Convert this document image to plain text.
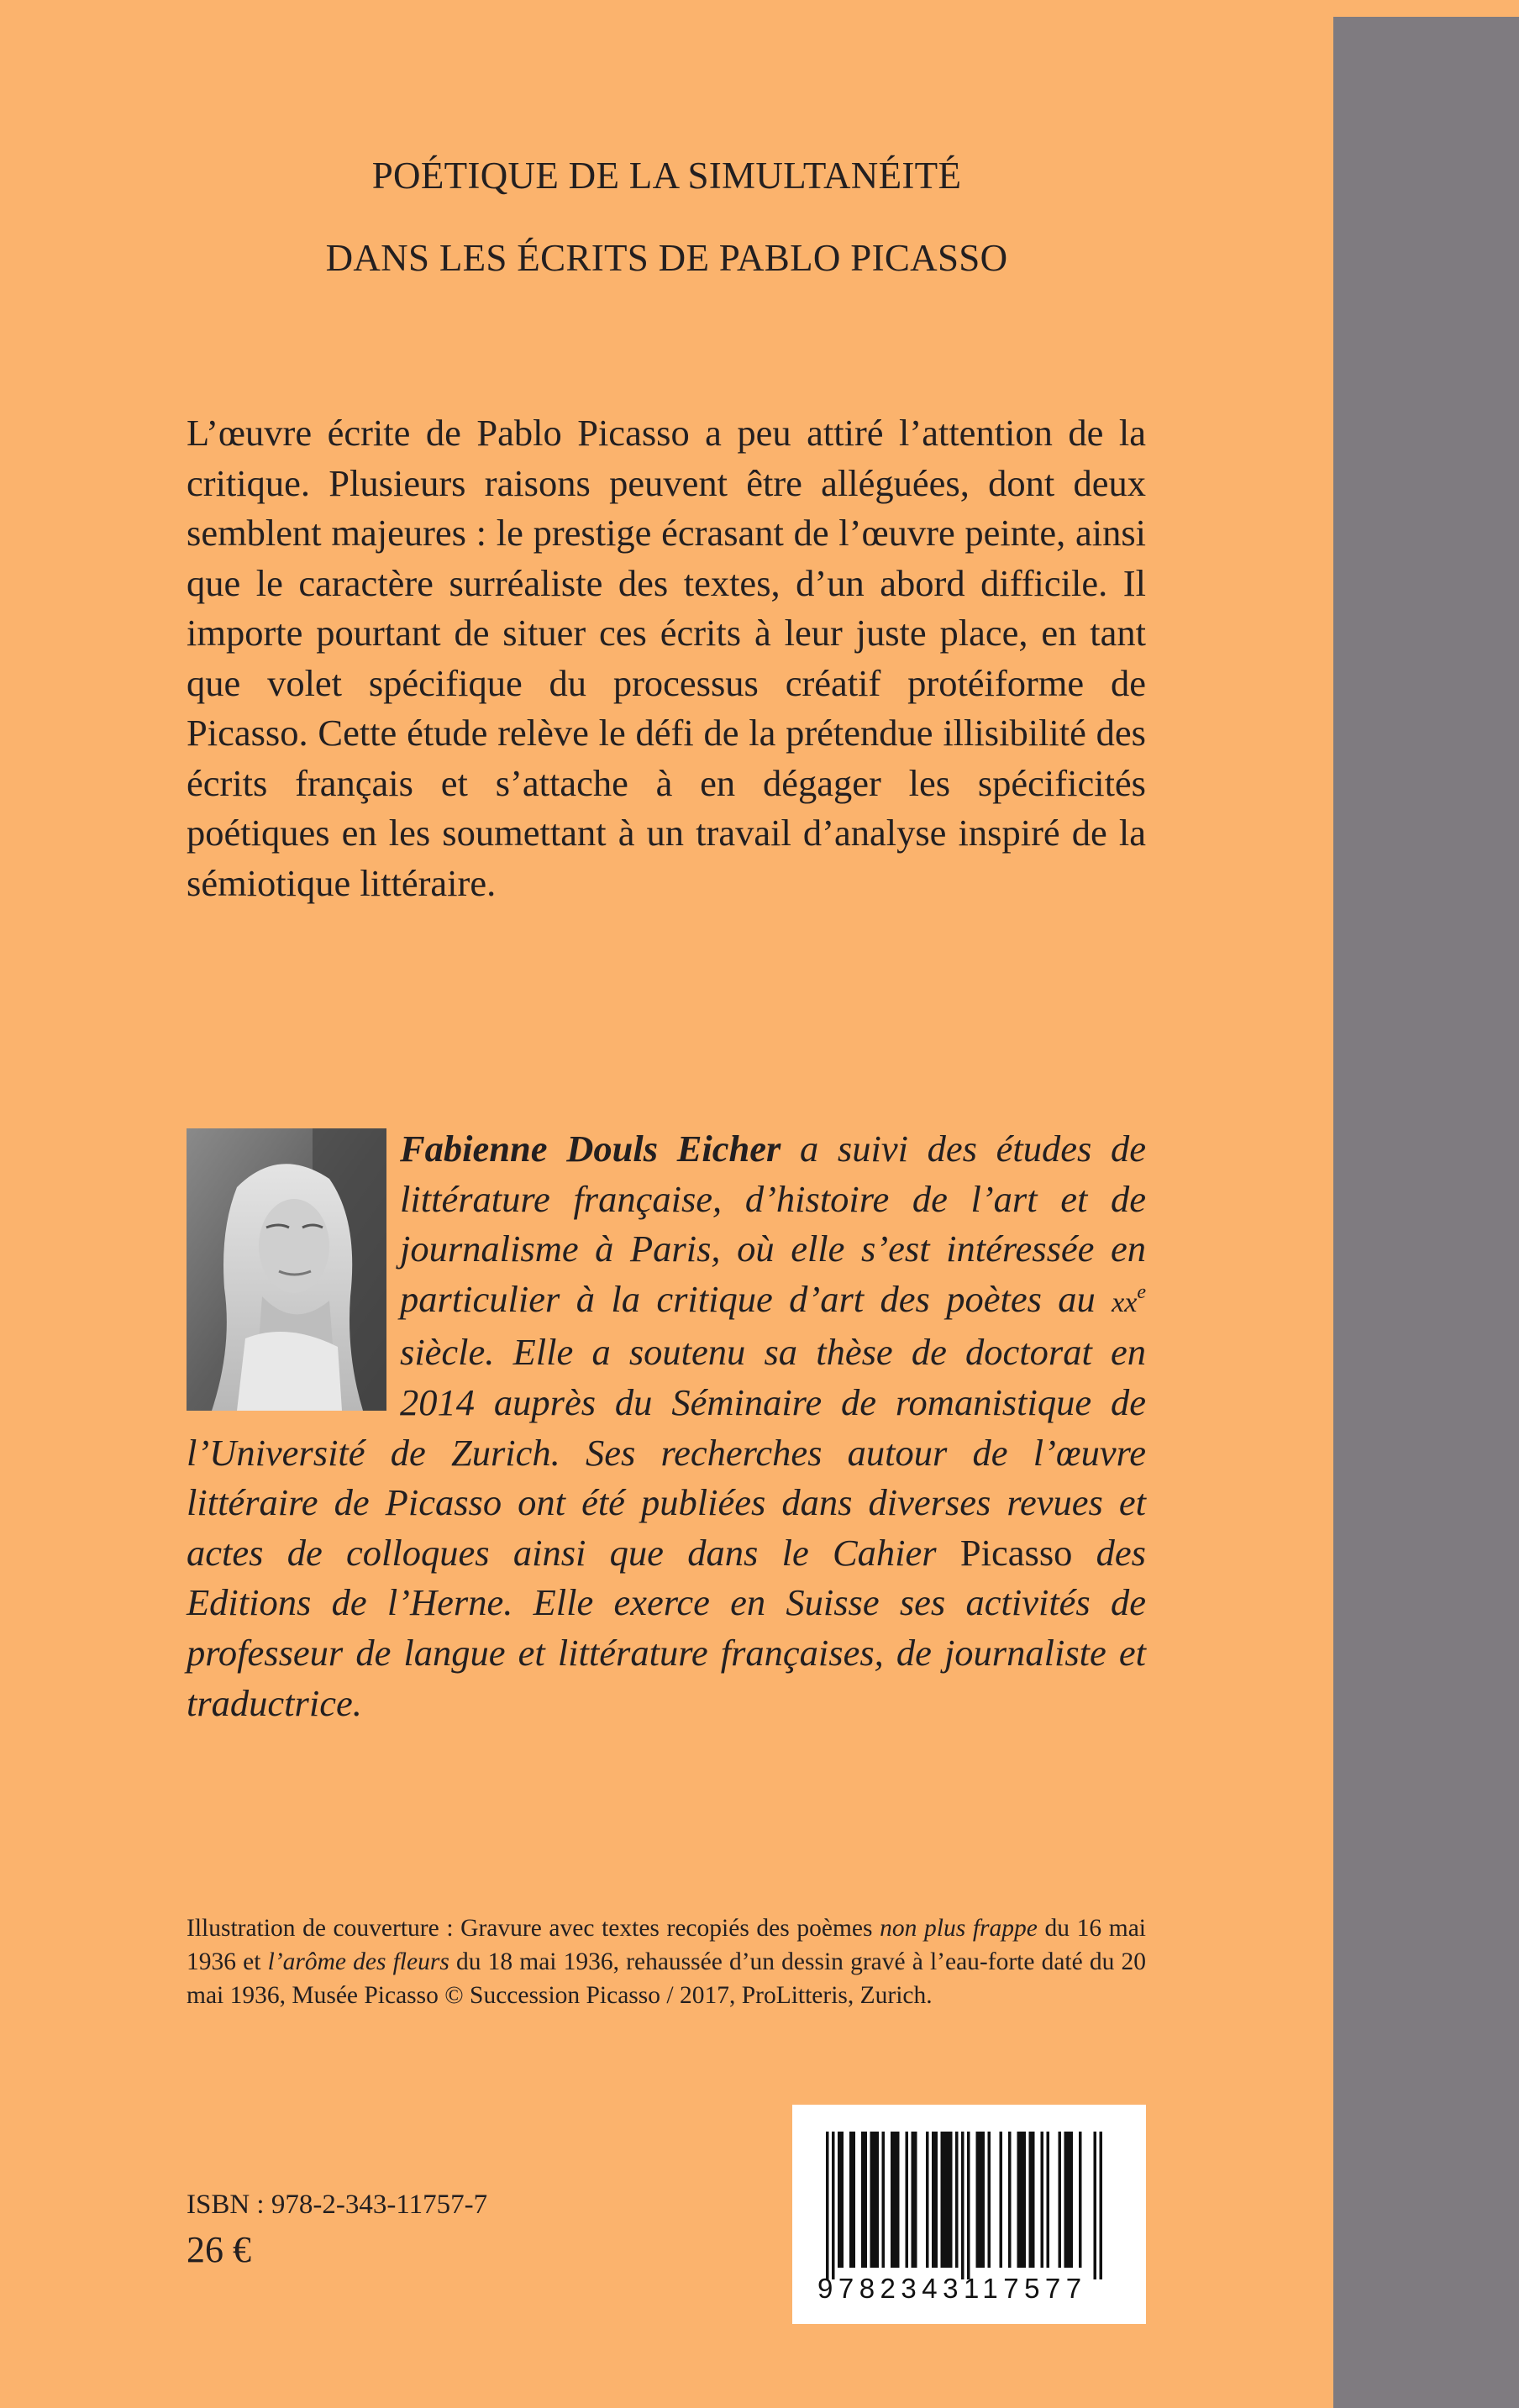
POÉTIQUE DE LA SIMULTANÉITÉ
DANS LES ÉCRITS DE PABLO PICASSO

L’œuvre écrite de Pablo Picasso a peu attiré l’attention de la critique. Plusieurs raisons peuvent être alléguées, dont deux semblent majeures : le prestige écrasant de l’œuvre peinte, ainsi que le caractère surréaliste des textes, d’un abord difficile. Il importe pourtant de situer ces écrits à leur juste place, en tant que volet spécifique du processus créatif protéiforme de Picasso. Cette étude relève le défi de la prétendue illisibilité des écrits français et s’attache à en dégager les spécificités poétiques en les soumettant à un travail d’analyse inspiré de la sémiotique littéraire.

Fabienne Douls Eicher a suivi des études de littérature française, d’histoire de l’art et de journalisme à Paris, où elle s’est intéressée en particulier à la critique d’art des poètes au $xx^e$ siècle. Elle a soutenu sa thèse de doctorat en 2014 auprès du Séminaire de romanistique de l’Université de Zurich. Ses recherches autour de l’œuvre littéraire de Picasso ont été publiées dans diverses revues et actes de colloques ainsi que dans le Cahier Picasso des Editions de l’Herne. Elle exerce en Suisse ses activités de professeur de langue et littérature françaises, de journaliste et traductrice.
Illustration de couverture : Gravure avec textes recopiés des poèmes non plus frappe du 16 mai 1936 et l’arôme des fleurs du 18 mai 1936, rehaussée d’un dessin gravé à l’eau-forte daté du 20 mai 1936, Musée Picasso © Succession Picasso / 2017, ProLitteris, Zurich.
9782343117577
ISBN : 978-2-343-11757-7
26 €
